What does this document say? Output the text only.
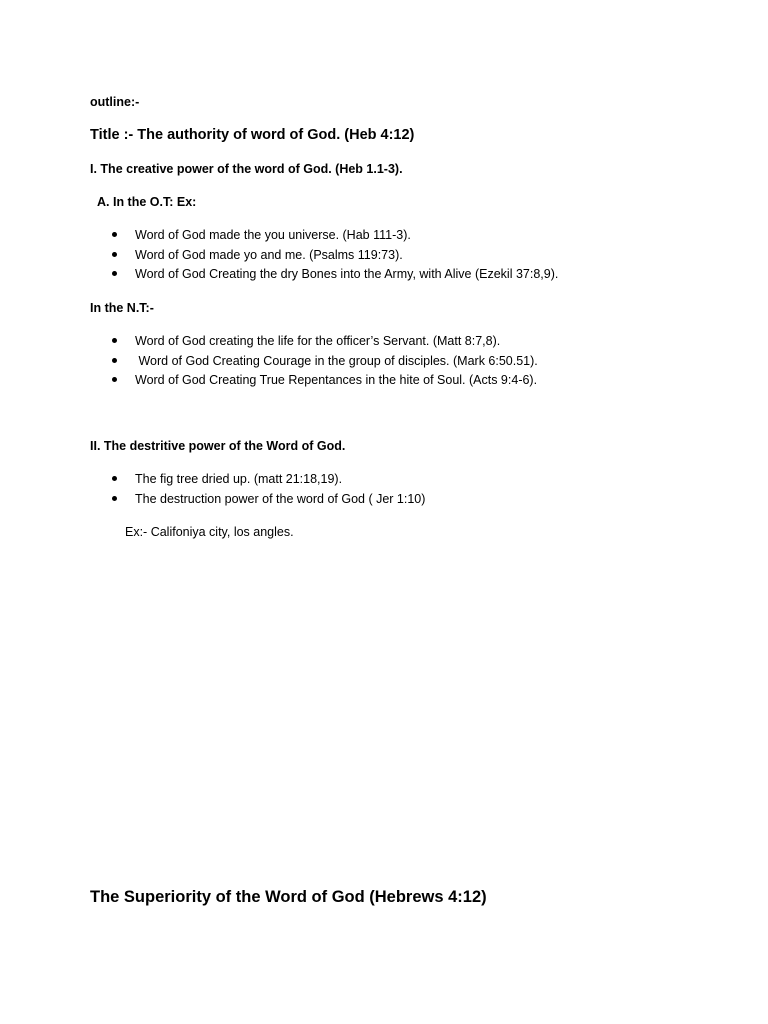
outline:-
Title :- The authority of word of God. (Heb 4:12)
I. The creative power of the word of God. (Heb 1.1-3).
A. In the O.T: Ex:
Word of God made the you universe. (Hab 111-3).
Word of God made yo and me. (Psalms 119:73).
Word of God Creating the dry Bones into the Army, with Alive (Ezekil 37:8,9).
In the N.T:-
Word of God creating the life for the officer’s Servant. (Matt 8:7,8).
Word of God Creating Courage in the group of disciples. (Mark 6:50.51).
Word of God Creating True Repentances in the hite of Soul. (Acts 9:4-6).
II. The destritive power of the Word of God.
The fig tree dried up. (matt 21:18,19).
The destruction power of the word of God ( Jer 1:10)
Ex:- Califoniya city, los angles.
The Superiority of the Word of God (Hebrews 4:12)
